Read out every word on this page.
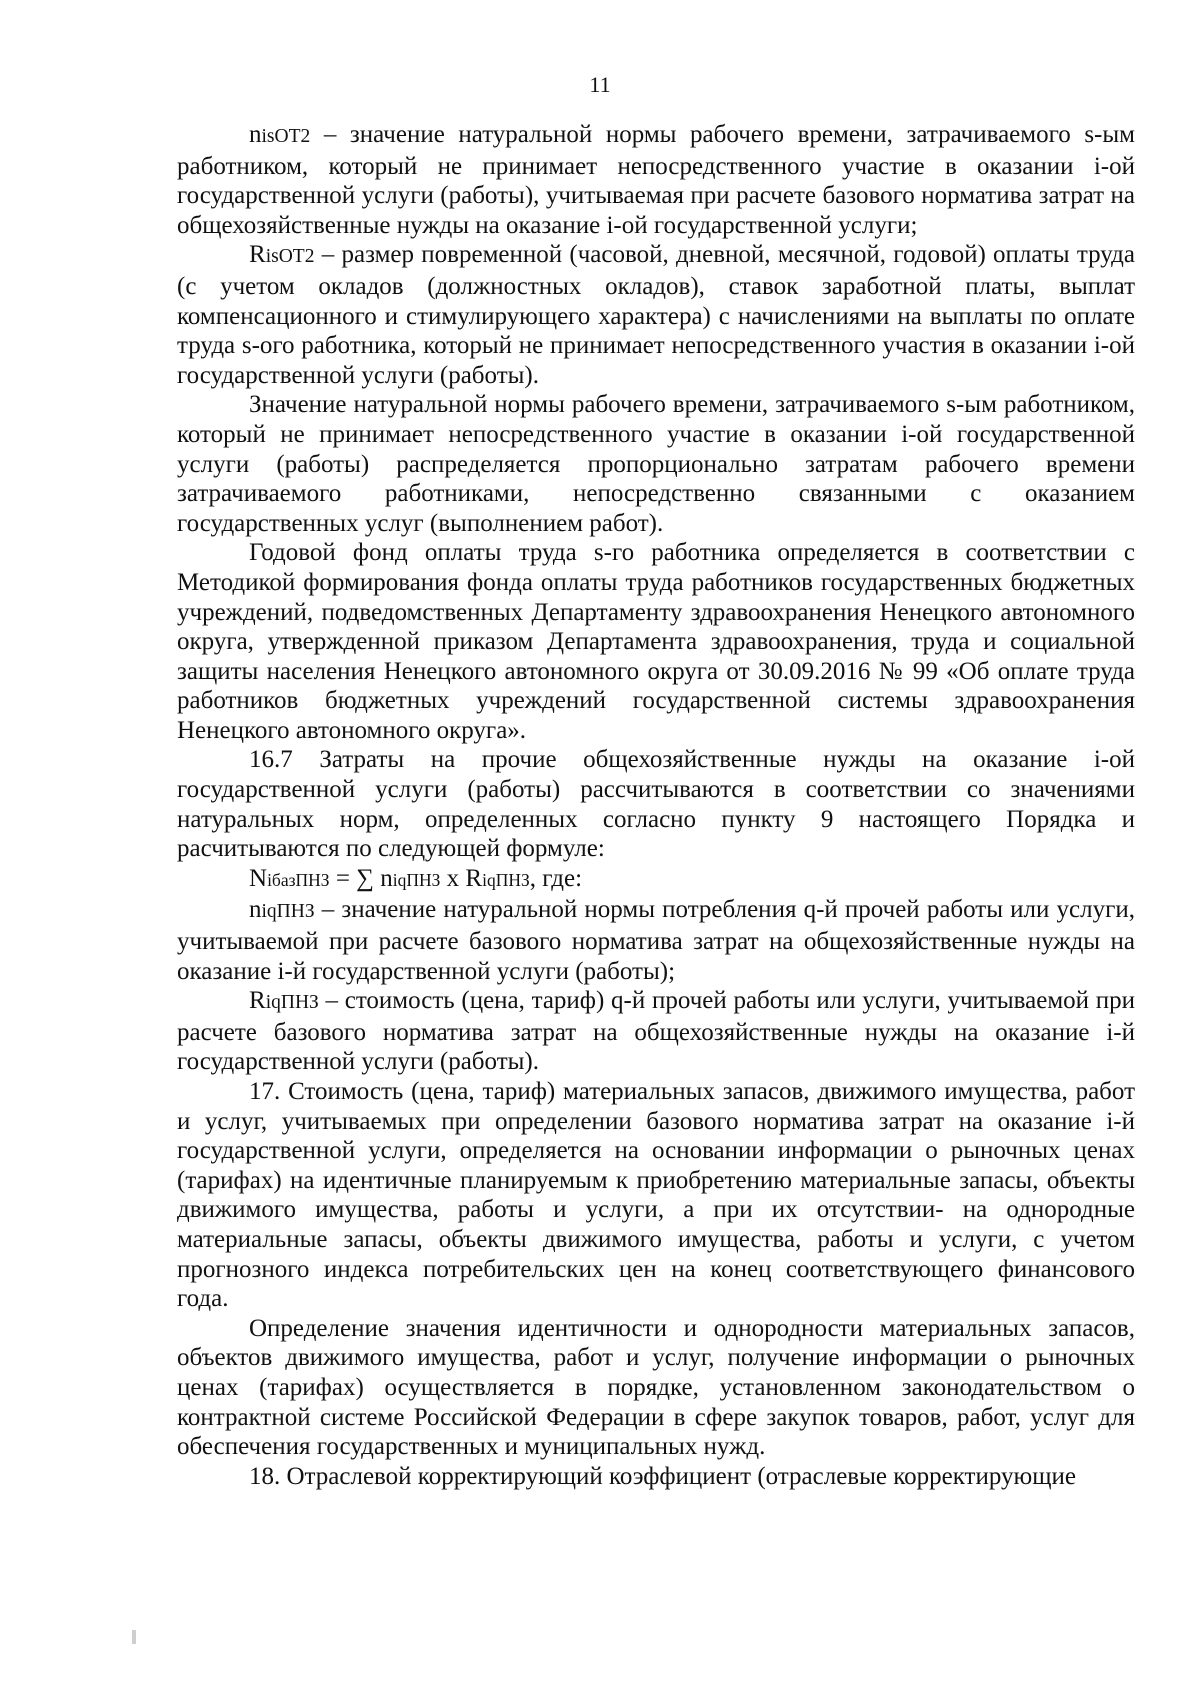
11

nisОТ2 – значение натуральной нормы рабочего времени, затрачиваемого s-ым работником, который не принимает непосредственного участие в оказании i-ой государственной услуги (работы), учитываемая при расчете базового норматива затрат на общехозяйственные нужды на оказание i-ой государственной услуги;

RisОТ2 – размер повременной (часовой, дневной, месячной, годовой) оплаты труда (с учетом окладов (должностных окладов), ставок заработной платы, выплат компенсационного и стимулирующего характера) с начислениями на выплаты по оплате труда s-ого работника, который не принимает непосредственного участия в оказании i-ой государственной услуги (работы).

Значение натуральной нормы рабочего времени, затрачиваемого s-ым работником, который не принимает непосредственного участие в оказании i-ой государственной услуги (работы) распределяется пропорционально затратам рабочего времени затрачиваемого работниками, непосредственно связанными с оказанием государственных услуг (выполнением работ).

Годовой фонд оплаты труда s-го работника определяется в соответствии с Методикой формирования фонда оплаты труда работников государственных бюджетных учреждений, подведомственных Департаменту здравоохранения Ненецкого автономного округа, утвержденной приказом Департамента здравоохранения, труда и социальной защиты населения Ненецкого автономного округа от 30.09.2016 № 99 «Об оплате труда работников бюджетных учреждений государственной системы здравоохранения Ненецкого автономного округа».

16.7 Затраты на прочие общехозяйственные нужды на оказание i-ой государственной услуги (работы) рассчитываются в соответствии со значениями натуральных норм, определенных согласно пункту 9 настоящего Порядка и расчитываются по следующей формуле:

NiбазПНЗ = ∑ niqПНЗ x RiqПНЗ, где:

niqПНЗ – значение натуральной нормы потребления q-й прочей работы или услуги, учитываемой при расчете базового норматива затрат на общехозяйственные нужды на оказание i-й государственной услуги (работы);

RiqПНЗ – стоимость (цена, тариф) q-й прочей работы или услуги, учитываемой при расчете базового норматива затрат на общехозяйственные нужды на оказание i-й государственной услуги (работы).

17. Стоимость (цена, тариф) материальных запасов, движимого имущества, работ и услуг, учитываемых при определении базового норматива затрат на оказание i-й государственной услуги, определяется на основании информации о рыночных ценах (тарифах) на идентичные планируемым к приобретению материальные запасы, объекты движимого имущества, работы и услуги, а при их отсутствии- на однородные материальные запасы, объекты движимого имущества, работы и услуги, с учетом прогнозного индекса потребительских цен на конец соответствующего финансового года.

Определение значения идентичности и однородности материальных запасов, объектов движимого имущества, работ и услуг, получение информации о рыночных ценах (тарифах) осуществляется в порядке, установленном законодательством о контрактной системе Российской Федерации в сфере закупок товаров, работ, услуг для обеспечения государственных и муниципальных нужд.

18. Отраслевой корректирующий коэффициент (отраслевые корректирующие
